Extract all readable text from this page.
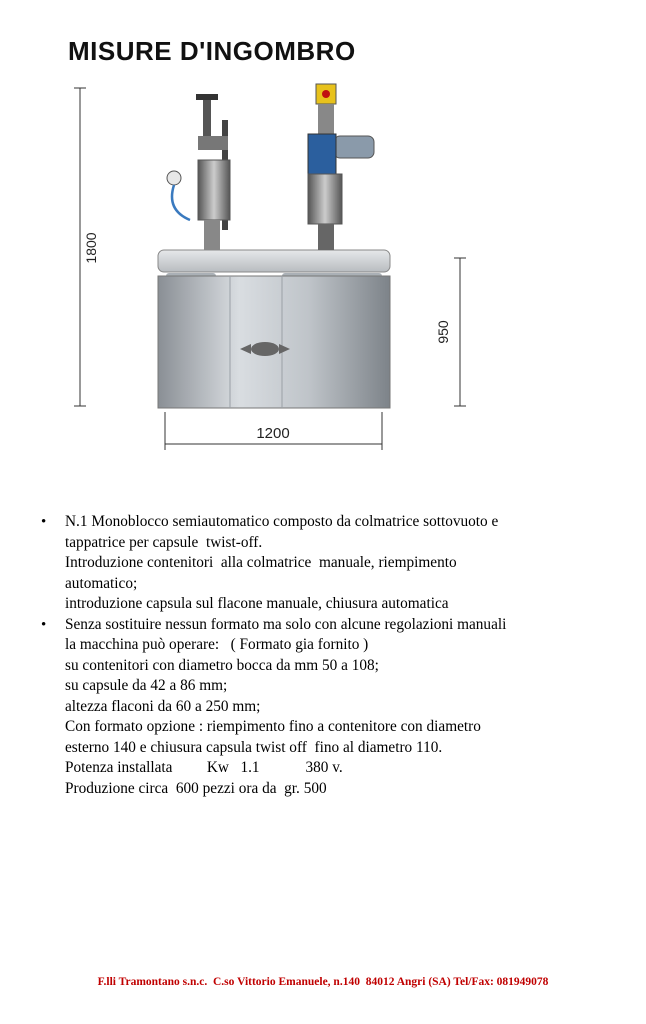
MISURE D'INGOMBRO
1800
950
1200
N.1 Monoblocco semiautomatico composto da colmatrice sottovuoto e
tappatrice per capsule  twist-off.
Introduzione contenitori  alla colmatrice  manuale, riempimento
automatico;
introduzione capsula sul flacone manuale, chiusura automatica
Senza sostituire nessun formato ma solo con alcune regolazioni manuali
la macchina può operare:   ( Formato gia fornito )
su contenitori con diametro bocca da mm 50 a 108;
su capsule da 42 a 86 mm;
altezza flaconi da 60 a 250 mm;
Con formato opzione : riempimento fino a contenitore con diametro
esterno 140 e chiusura capsula twist off  fino al diametro 110.
Potenza installata         Kw   1.1            380 v.
Produzione circa  600 pezzi ora da  gr. 500
F.lli Tramontano s.n.c.  C.so Vittorio Emanuele, n.140  84012 Angri (SA) Tel/Fax: 081949078
